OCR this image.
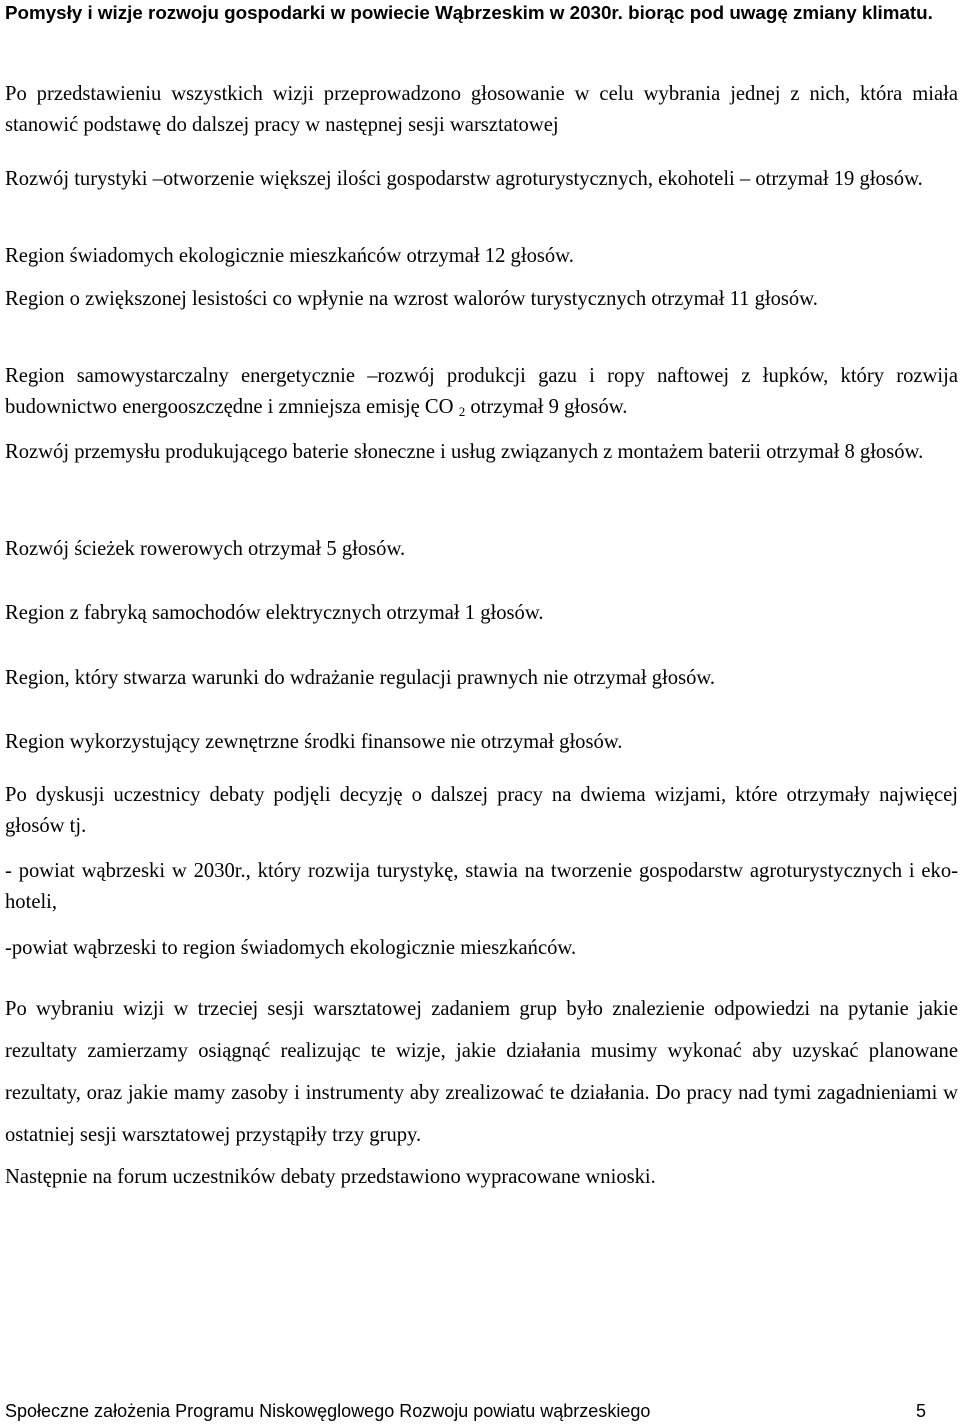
Pomysły i wizje rozwoju gospodarki w powiecie Wąbrzeskim w 2030r. biorąc pod uwagę zmiany klimatu.

Po przedstawieniu wszystkich wizji przeprowadzono głosowanie w celu wybrania jednej z nich, która miała stanowić podstawę do dalszej pracy w następnej sesji warsztatowej

Rozwój turystyki –otworzenie większej ilości gospodarstw agroturystycznych, ekohoteli – otrzymał 19 głosów.

Region świadomych ekologicznie mieszkańców otrzymał 12 głosów.

Region o zwiększonej lesistości co wpłynie na wzrost walorów turystycznych otrzymał 11 głosów.

Region samowystarczalny energetycznie –rozwój produkcji gazu i ropy naftowej z łupków, który rozwija budownictwo energooszczędne i zmniejsza emisję CO $_2$ otrzymał 9 głosów.

Rozwój przemysłu produkującego baterie słoneczne i usług związanych z montażem baterii otrzymał 8 głosów.

Rozwój ścieżek rowerowych otrzymał 5 głosów.

Region z fabryką samochodów elektrycznych otrzymał 1 głosów.

Region, który stwarza warunki do wdrażanie regulacji prawnych nie otrzymał głosów.

Region wykorzystujący zewnętrzne środki finansowe nie otrzymał głosów.

Po dyskusji uczestnicy debaty podjęli decyzję o dalszej pracy na dwiema wizjami, które otrzymały najwięcej głosów tj.

- powiat wąbrzeski w 2030r., który rozwija turystykę, stawia na tworzenie gospodarstw agroturystycznych i eko-hoteli,

-powiat wąbrzeski to region świadomych ekologicznie mieszkańców.

Po wybraniu wizji w trzeciej sesji warsztatowej zadaniem grup było znalezienie odpowiedzi na pytanie jakie rezultaty zamierzamy osiągnąć realizując te wizje, jakie działania musimy wykonać aby uzyskać planowane rezultaty, oraz jakie mamy zasoby i instrumenty aby zrealizować te działania. Do pracy nad tymi zagadnieniami w ostatniej sesji warsztatowej przystąpiły trzy grupy.

Następnie na forum uczestników debaty przedstawiono wypracowane wnioski.

Społeczne założenia Programu Niskowęglowego Rozwoju powiatu wąbrzeskiego	5
